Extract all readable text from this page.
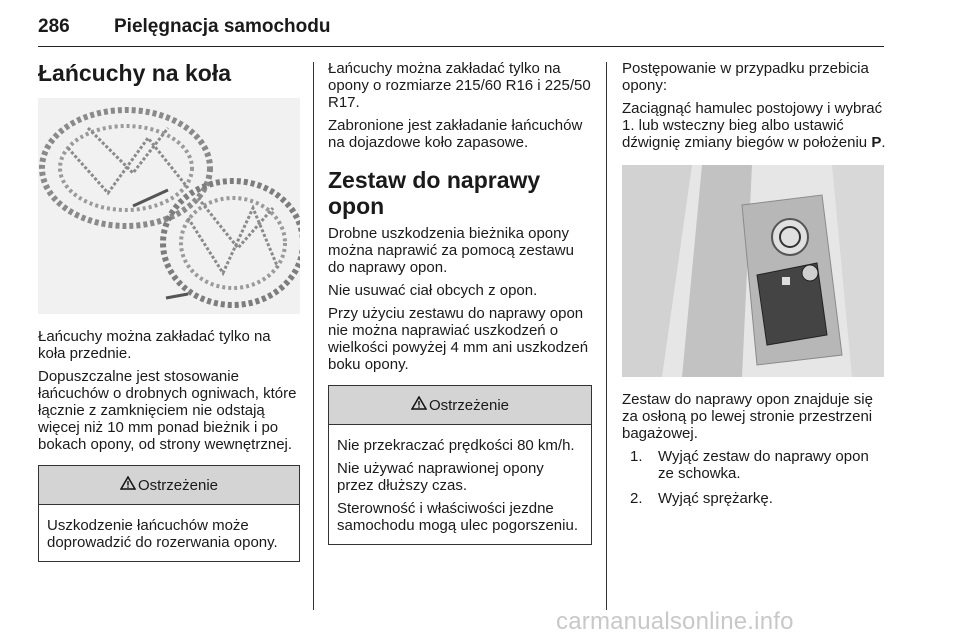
286 Pielęgnacja samochodu
Łańcuchy na koła

Łańcuchy można zakładać tylko na koła przednie.

Dopuszczalne jest stosowanie łańcuchów o drobnych ogniwach, które łącznie z zamknięciem nie odstają więcej niż 10 mm ponad bieżnik i po bokach opony, od strony wewnętrznej.

Ostrzeżenie

Uszkodzenie łańcuchów może doprowadzić do rozerwania opony.

Łańcuchy można zakładać tylko na opony o rozmiarze 215/60 R16 i 225/50 R17.

Zabronione jest zakładanie łańcuchów na dojazdowe koło zapasowe.

Zestaw do naprawy opon

Drobne uszkodzenia bieżnika opony można naprawić za pomocą zestawu do naprawy opon.

Nie usuwać ciał obcych z opon.

Przy użyciu zestawu do naprawy opon nie można naprawiać uszkodzeń o wielkości powyżej 4 mm ani uszkodzeń boku opony.

Ostrzeżenie

Nie przekraczać prędkości 80 km/h.

Nie używać naprawionej opony przez dłuższy czas.

Sterowność i właściwości jezdne samochodu mogą ulec pogorszeniu.

Postępowanie w przypadku przebicia opony:

Zaciągnąć hamulec postojowy i wybrać 1. lub wsteczny bieg albo ustawić dźwignię zmiany biegów w położeniu P.

Zestaw do naprawy opon znajduje się za osłoną po lewej stronie przestrzeni bagażowej.

1.	Wyjąć zestaw do naprawy opon ze schowka.
2.	Wyjąć sprężarkę.
carmanualsonline.info
